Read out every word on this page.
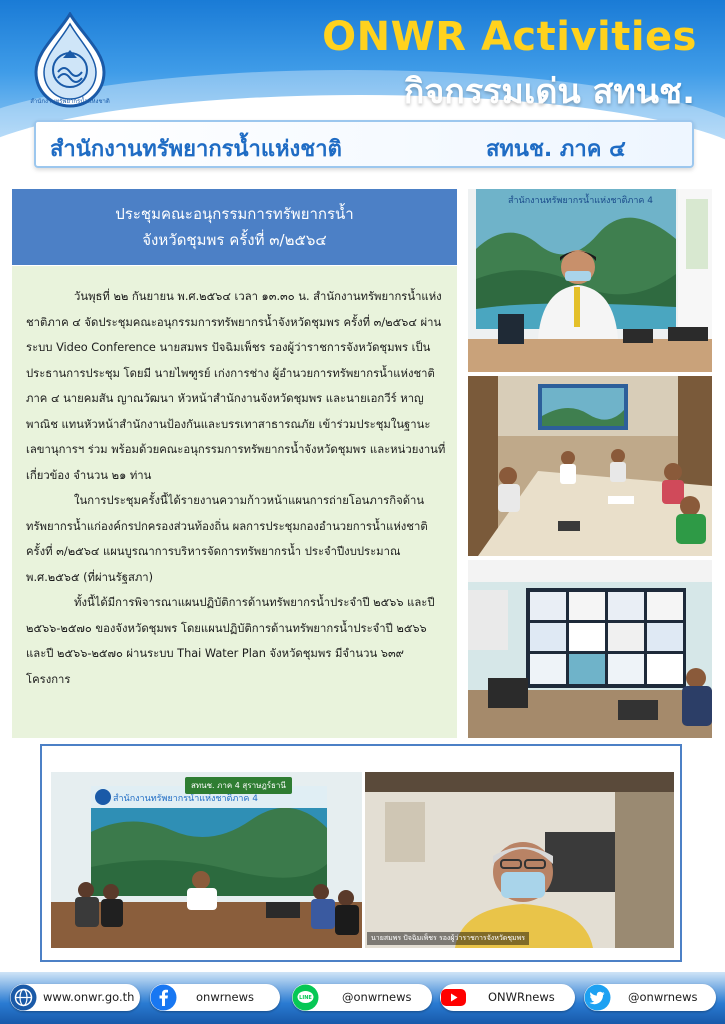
สำนักงานทรัพยากรน้ำแห่งชาติ
ONWR Activities
กิจกรรมเด่น สทนช.
สำนักงานทรัพยากรน้ำแห่งชาติ	สทนช. ภาค ๔
ประชุมคณะอนุกรรมการทรัพยากรน้ำ
จังหวัดชุมพร ครั้งที่ ๓/๒๕๖๔

วันพุธที่ ๒๒ กันยายน พ.ศ.๒๕๖๔ เวลา ๑๓.๓๐ น. สำนักงานทรัพยากรน้ำแห่งชาติภาค ๔ จัดประชุมคณะอนุกรรมการทรัพยากรน้ำจังหวัดชุมพร ครั้งที่ ๓/๒๕๖๔ ผ่านระบบ Video Conference นายสมพร ปัจฉิมเพ็ชร รองผู้ว่าราชการจังหวัดชุมพร เป็นประธานการประชุม โดยมี นายไพฑูรย์ เก่งการช่าง ผู้อำนวยการทรัพยากรน้ำแห่งชาติภาค ๔ นายคมสัน ญาณวัฒนา หัวหน้าสำนักงานจังหวัดชุมพร และนายเอกวีร์ หาญพาณิช แทนหัวหน้าสำนักงานป้องกันและบรรเทาสาธารณภัย เข้าร่วมประชุมในฐานะเลขานุการฯ ร่วม พร้อมด้วยคณะอนุกรรมการทรัพยากรน้ำจังหวัดชุมพร และหน่วยงานที่เกี่ยวข้อง จำนวน ๒๑ ท่าน

ในการประชุมครั้งนี้ได้รายงานความก้าวหน้าแผนการถ่ายโอนภารกิจด้านทรัพยากรน้ำแก่องค์กรปกครองส่วนท้องถิ่น ผลการประชุมกองอำนวยการน้ำแห่งชาติ ครั้งที่ ๓/๒๕๖๔ แผนบูรณาการบริหารจัดการทรัพยากรน้ำ ประจำปีงบประมาณ พ.ศ.๒๕๖๕ (ที่ผ่านรัฐสภา)

ทั้งนี้ได้มีการพิจารณาแผนปฏิบัติการด้านทรัพยากรน้ำประจำปี ๒๕๖๖ และปี ๒๕๖๖-๒๕๗๐ ของจังหวัดชุมพร โดยแผนปฏิบัติการด้านทรัพยากรน้ำประจำปี ๒๕๖๖ และปี ๒๕๖๖-๒๕๗๐ ผ่านระบบ Thai Water Plan จังหวัดชุมพร มีจำนวน ๖๓๙ โครงการ

สำนักงานทรัพยากรน้ำแห่งชาติภาค 4
สำนักงานทรัพยากรน้ำแห่งชาติภาค 4
สทนช. ภาค 4 สุราษฎร์ธานี
นายสมพร ปัจฉิมเพ็ชร รองผู้ว่าราชการจังหวัดชุมพร
www.onwr.go.th	onwrnews	LINE	@onwrnews	ONWRnews	@onwrnews
